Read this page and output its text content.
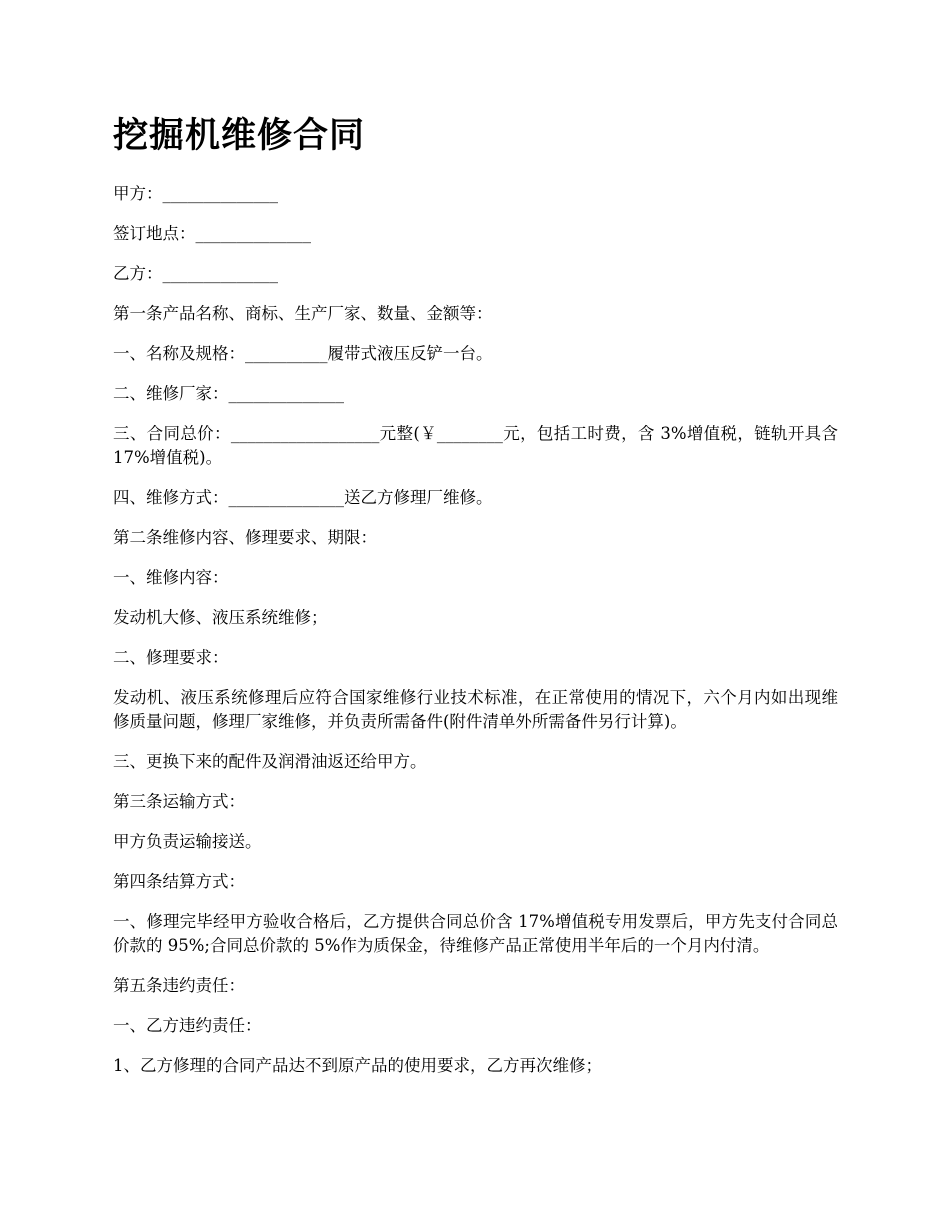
挖掘机维修合同

甲方：______________

签订地点：______________

乙方：______________

第一条产品名称、商标、生产厂家、数量、金额等：

一、名称及规格：__________履带式液压反铲一台。

二、维修厂家：______________

三、合同总价：__________________元整(￥________元，包括工时费，含 3%增值税，链轨开具含 17%增值税)。

四、维修方式：______________送乙方修理厂维修。

第二条维修内容、修理要求、期限：

一、维修内容：

发动机大修、液压系统维修；

二、修理要求：

发动机、液压系统修理后应符合国家维修行业技术标准，在正常使用的情况下，六个月内如出现维修质量问题，修理厂家维修，并负责所需备件(附件清单外所需备件另行计算)。

三、更换下来的配件及润滑油返还给甲方。

第三条运输方式：

甲方负责运输接送。

第四条结算方式：

一、修理完毕经甲方验收合格后，乙方提供合同总价含 17%增值税专用发票后，甲方先支付合同总价款的 95%;合同总价款的 5%作为质保金，待维修产品正常使用半年后的一个月内付清。

第五条违约责任：

一、乙方违约责任：

1、乙方修理的合同产品达不到原产品的使用要求，乙方再次维修；
